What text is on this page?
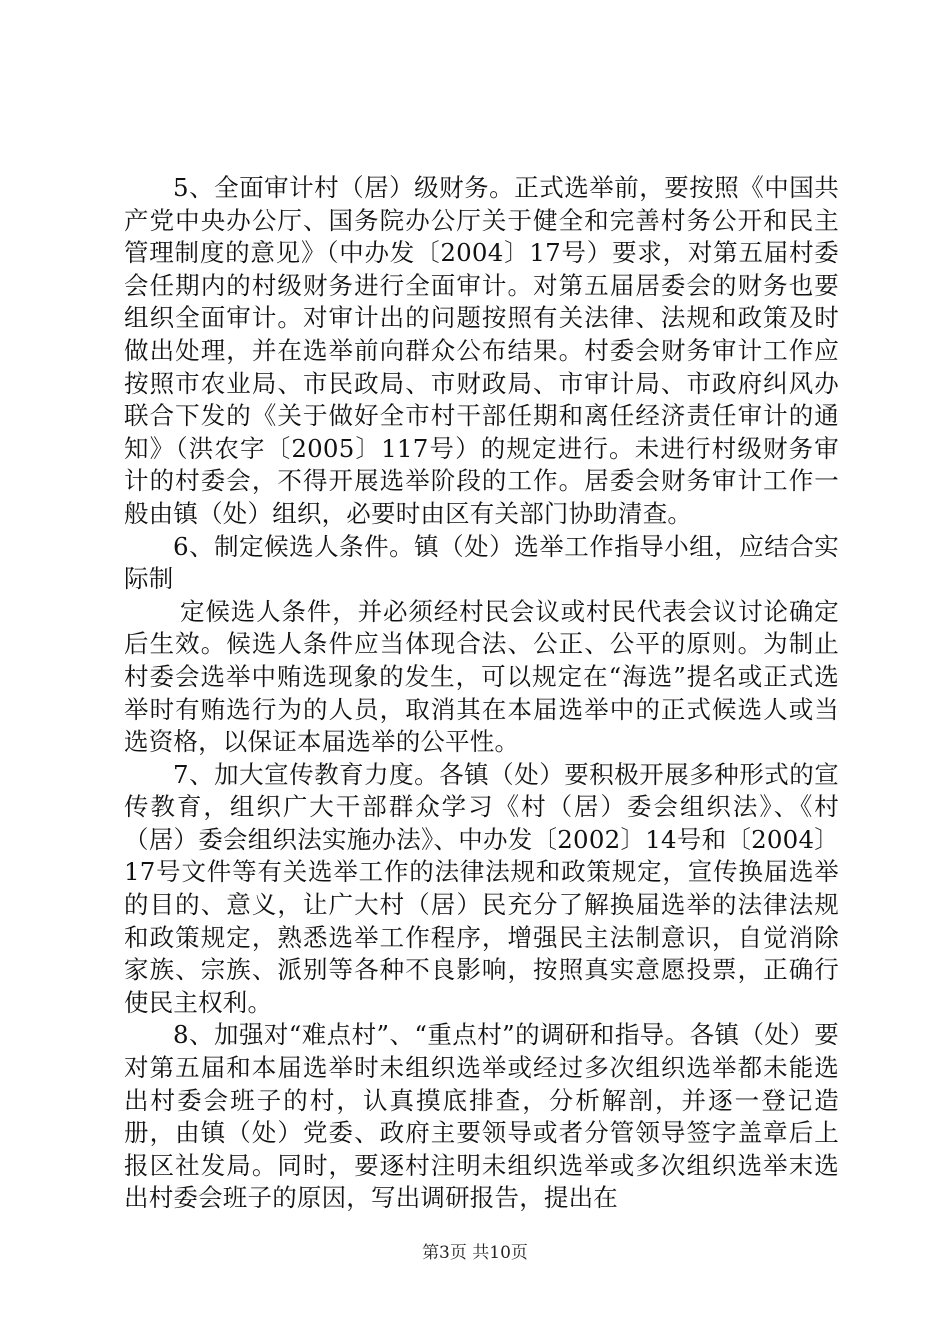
5、全面审计村（居）级财务。正式选举前，要按照《中国共产党中央办公厅、国务院办公厅关于健全和完善村务公开和民主管理制度的意见》（中办发〔2004〕17号）要求，对第五届村委会任期内的村级财务进行全面审计。对第五届居委会的财务也要组织全面审计。对审计出的问题按照有关法律、法规和政策及时做出处理，并在选举前向群众公布结果。村委会财务审计工作应按照市农业局、市民政局、市财政局、市审计局、市政府纠风办联合下发的《关于做好全市村干部任期和离任经济责任审计的通知》（洪农字〔2005〕117号）的规定进行。未进行村级财务审计的村委会，不得开展选举阶段的工作。居委会财务审计工作一般由镇（处）组织，必要时由区有关部门协助清查。

6、制定候选人条件。镇（处）选举工作指导小组，应结合实际制

定候选人条件，并必须经村民会议或村民代表会议讨论确定后生效。候选人条件应当体现合法、公正、公平的原则。为制止村委会选举中贿选现象的发生，可以规定在“海选”提名或正式选举时有贿选行为的人员，取消其在本届选举中的正式候选人或当选资格，以保证本届选举的公平性。

7、加大宣传教育力度。各镇（处）要积极开展多种形式的宣传教育，组织广大干部群众学习《村（居）委会组织法》、《村（居）委会组织法实施办法》、中办发〔2002〕14号和〔2004〕17号文件等有关选举工作的法律法规和政策规定，宣传换届选举的目的、意义，让广大村（居）民充分了解换届选举的法律法规和政策规定，熟悉选举工作程序，增强民主法制意识，自觉消除家族、宗族、派别等各种不良影响，按照真实意愿投票，正确行使民主权利。

8、加强对“难点村”、“重点村”的调研和指导。各镇（处）要对第五届和本届选举时未组织选举或经过多次组织选举都未能选出村委会班子的村，认真摸底排查，分析解剖，并逐一登记造册，由镇（处）党委、政府主要领导或者分管领导签字盖章后上报区社发局。同时，要逐村注明未组织选举或多次组织选举末选出村委会班子的原因，写出调研报告，提出在

第3页 共10页
